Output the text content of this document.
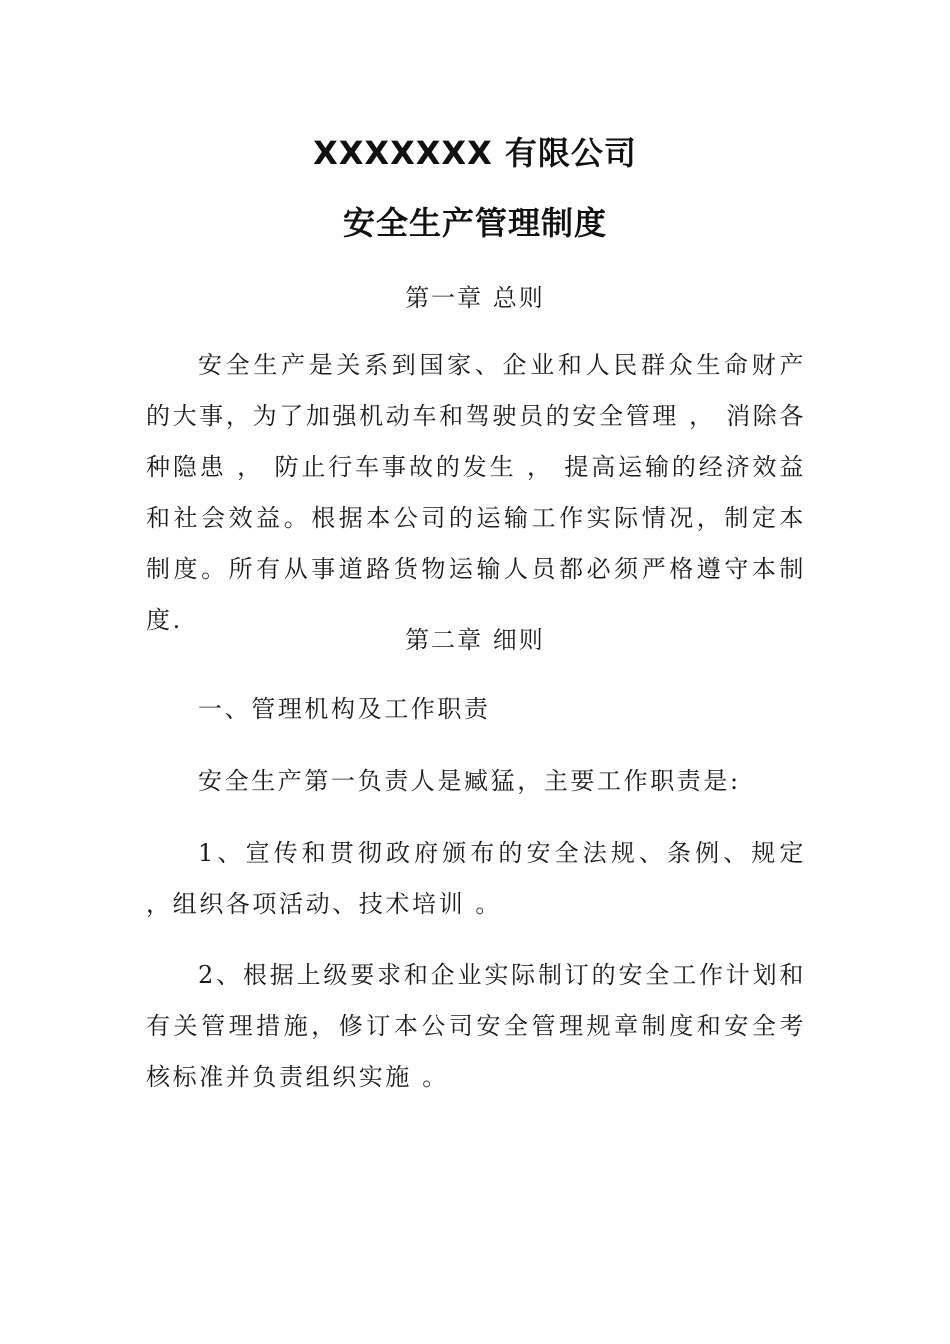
XXXXXXX 有限公司
安全生产管理制度
第一章 总则

安全生产是关系到国家、企业和人民群众生命财产的大事，为了加强机动车和驾驶员的安全管理 ， 消除各种隐患 ， 防止行车事故的发生 ， 提高运输的经济效益和社会效益。根据本公司的运输工作实际情况，制定本制度。所有从事道路货物运输人员都必须严格遵守本制度.

第二章 细则

一、管理机构及工作职责

安全生产第一负责人是臧猛，主要工作职责是:

1、宣传和贯彻政府颁布的安全法规、条例、规定 ，组织各项活动、技术培训 。

2、根据上级要求和企业实际制订的安全工作计划和有关管理措施，修订本公司安全管理规章制度和安全考核标准并负责组织实施 。
